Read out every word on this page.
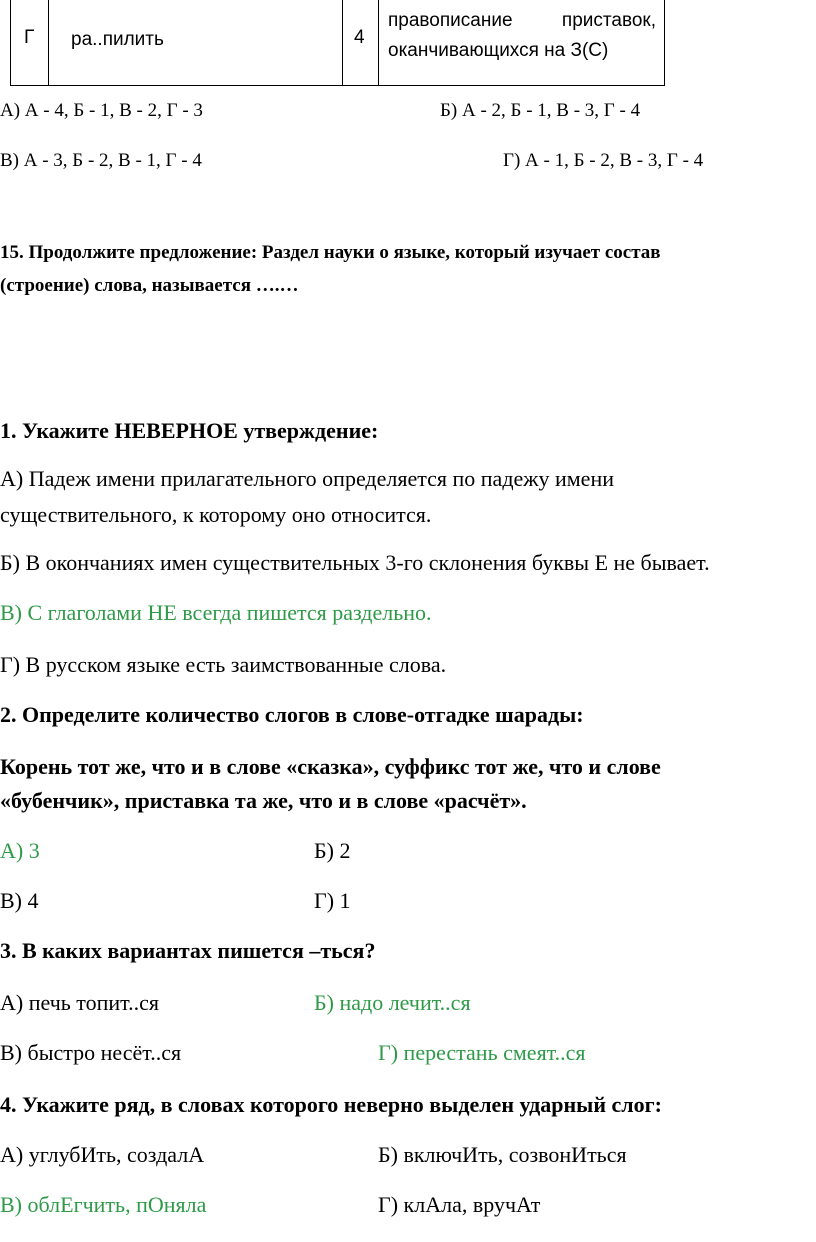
Г ра..пилить	4
правописание приставок,
оканчивающихся на З(С)
А) А - 4, Б - 1, В - 2, Г - 3	Б) А - 2, Б - 1, В - 3, Г - 4
В) А - 3, Б - 2, В - 1, Г - 4	Г) А - 1, Б - 2, В - 3, Г - 4
15. Продолжите предложение: Раздел науки о языке, который изучает состав
(строение) слова, называется ….…
1. Укажите НЕВЕРНОЕ утверждение:
А) Падеж имени прилагательного определяется по падежу имени
существительного, к которому оно относится.
Б) В окончаниях имен существительных 3-го склонения буквы Е не бывает.
В) С глаголами НЕ всегда пишется раздельно.
Г) В русском языке есть заимствованные слова.
2. Определите количество слогов в слове-отгадке шарады:
Корень тот же, что и в слове «сказка», суффикс тот же, что и слове
«бубенчик», приставка та же, что и в слове «расчёт».
А) 3	Б) 2
В) 4	Г) 1
3. В каких вариантах пишется –ться?
А) печь топит..ся	Б) надо лечит..ся
В) быстро несёт..ся	Г) перестань смеят..ся
4. Укажите ряд, в словах которого неверно выделен ударный слог:
А) углубИть, создалА	Б) включИть, созвонИться
В) облЕгчить, пОняла	Г) клАла, вручАт
